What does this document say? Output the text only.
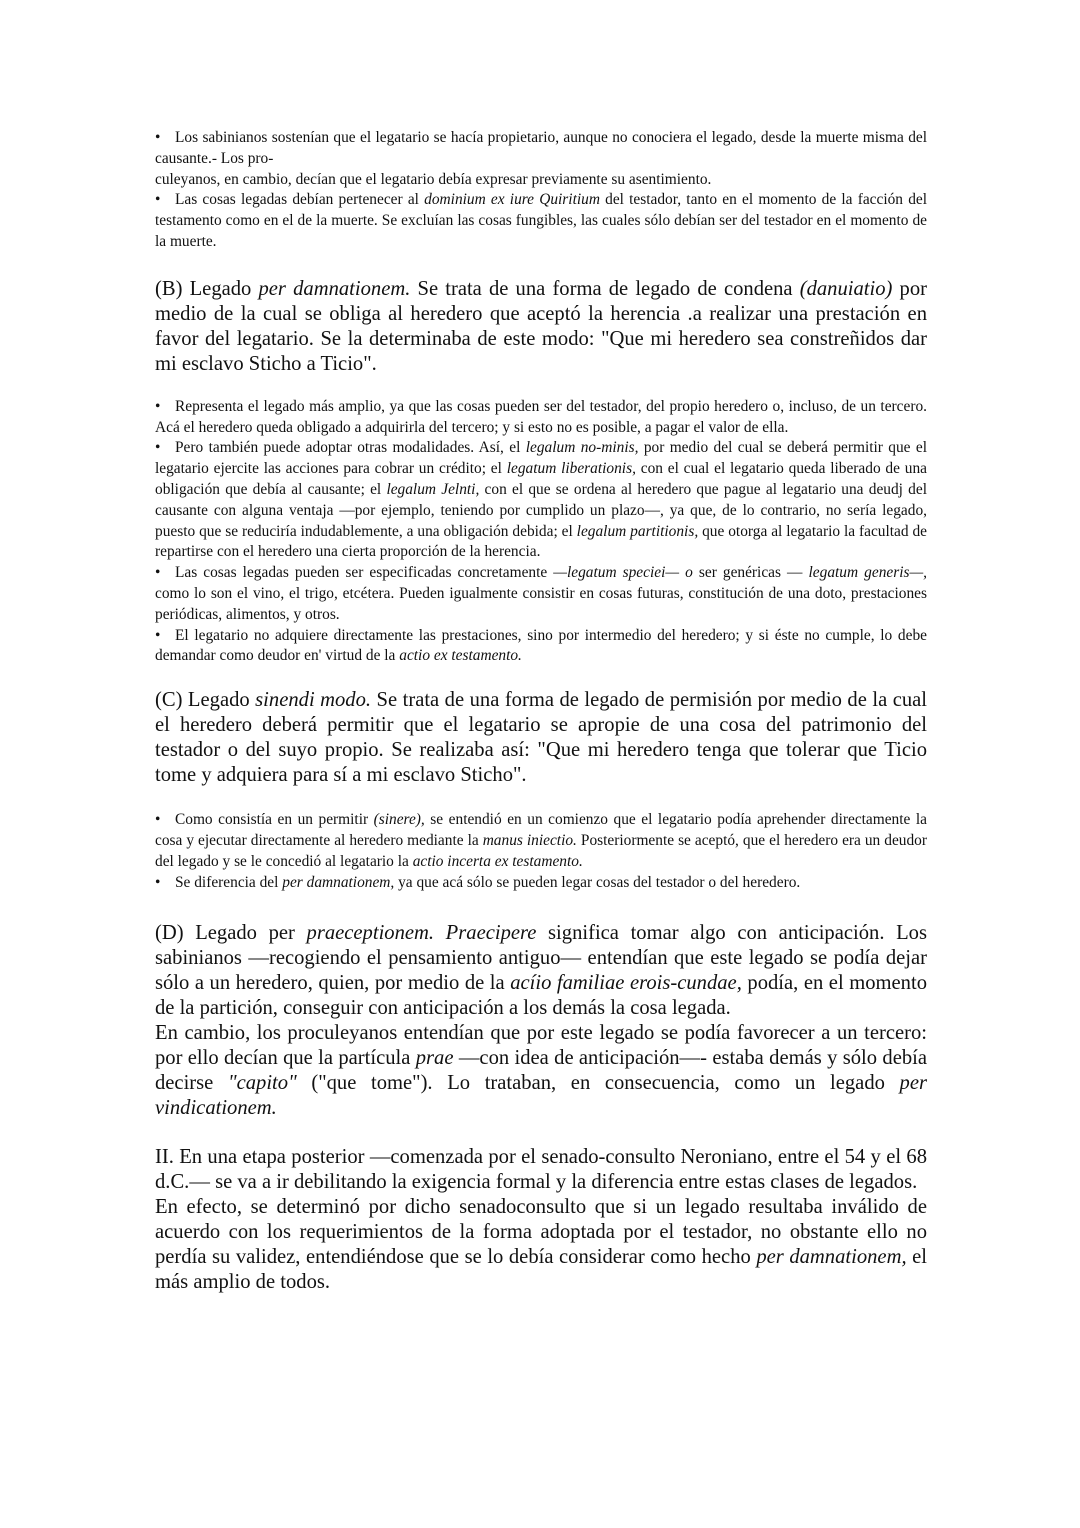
• Los sabinianos sostenían que el legatario se hacía propietario, aunque no conociera el legado, desde la muerte misma del causante.- Los pro-
culeyanos, en cambio, decían que el legatario debía expresar previamente su asentimiento.

• Las cosas legadas debían pertenecer al dominium ex iure Quiritium del testador, tanto en el momento de la facción del testamento como en el de la muerte. Se excluían las cosas fungibles, las cuales sólo debían ser del testador en el momento de la muerte.

(B) Legado per damnationem. Se trata de una forma de legado de condena (danuiatio) por medio de la cual se obliga al heredero que aceptó la herencia .a realizar una prestación en favor del legatario. Se la determinaba de este modo: "Que mi heredero sea constreñidos dar mi esclavo Sticho a Ticio".

• Representa el legado más amplio, ya que las cosas pueden ser del testador, del propio heredero o, incluso, de un tercero. Acá el heredero queda obligado a adquirirla del tercero; y si esto no es posible, a pagar el valor de ella.

• Pero también puede adoptar otras modalidades. Así, el legalum no-minis, por medio del cual se deberá permitir que el legatario ejercite las acciones para cobrar un crédito; el legatum liberationis, con el cual el legatario queda liberado de una obligación que debía al causante; el legalum Jelnti, con el que se ordena al heredero que pague al legatario una deudj del causante con alguna ventaja —por ejemplo, teniendo por cumplido un plazo—, ya que, de lo contrario, no sería legado, puesto que se reduciría indudablemente, a una obligación debida; el legalum partitionis, que otorga al legatario la facultad de repartirse con el heredero una cierta proporción de la herencia.

• Las cosas legadas pueden ser especificadas concretamente —legatum speciei— o ser genéricas — legatum generis—, como lo son el vino, el trigo, etcétera. Pueden igualmente consistir en cosas futuras, constitución de una doto, prestaciones periódicas, alimentos, y otros.

• El legatario no adquiere directamente las prestaciones, sino por intermedio del heredero; y si éste no cumple, lo debe demandar como deudor en' virtud de la actio ex testamento.

(C) Legado sinendi modo. Se trata de una forma de legado de permisión por medio de la cual el heredero deberá permitir que el legatario se apropie de una cosa del patrimonio del testador o del suyo propio. Se realizaba así: "Que mi heredero tenga que tolerar que Ticio tome y adquiera para sí a mi esclavo Sticho".

• Como consistía en un permitir (sinere), se entendió en un comienzo que el legatario podía aprehender directamente la cosa y ejecutar directamente al heredero mediante la manus iniectio. Posteriormente se aceptó, que el heredero era un deudor del legado y se le concedió al legatario la actio incerta ex testamento.

• Se diferencia del per damnationem, ya que acá sólo se pueden legar cosas del testador o del heredero.

(D) Legado per praeceptionem. Praecipere significa tomar algo con anticipación. Los sabinianos —recogiendo el pensamiento antiguo— entendían que este legado se podía dejar sólo a un heredero, quien, por medio de la acíio familiae erois-cundae, podía, en el momento de la partición, conseguir con anticipación a los demás la cosa legada.

En cambio, los proculeyanos entendían que por este legado se podía favorecer a un tercero: por ello decían que la partícula prae —con idea de anticipación—- estaba demás y sólo debía decirse "capito" ("que tome"). Lo trataban, en consecuencia, como un legado per vindicationem.

II. En una etapa posterior —comenzada por el senado-consulto Neroniano, entre el 54 y el 68 d.C.— se va a ir debilitando la exigencia formal y la diferencia entre estas clases de legados.

En efecto, se determinó por dicho senadoconsulto que si un legado resultaba inválido de acuerdo con los requerimientos de la forma adoptada por el testador, no obstante ello no perdía su validez, entendiéndose que se lo debía considerar como hecho per damnationem, el más amplio de todos.
